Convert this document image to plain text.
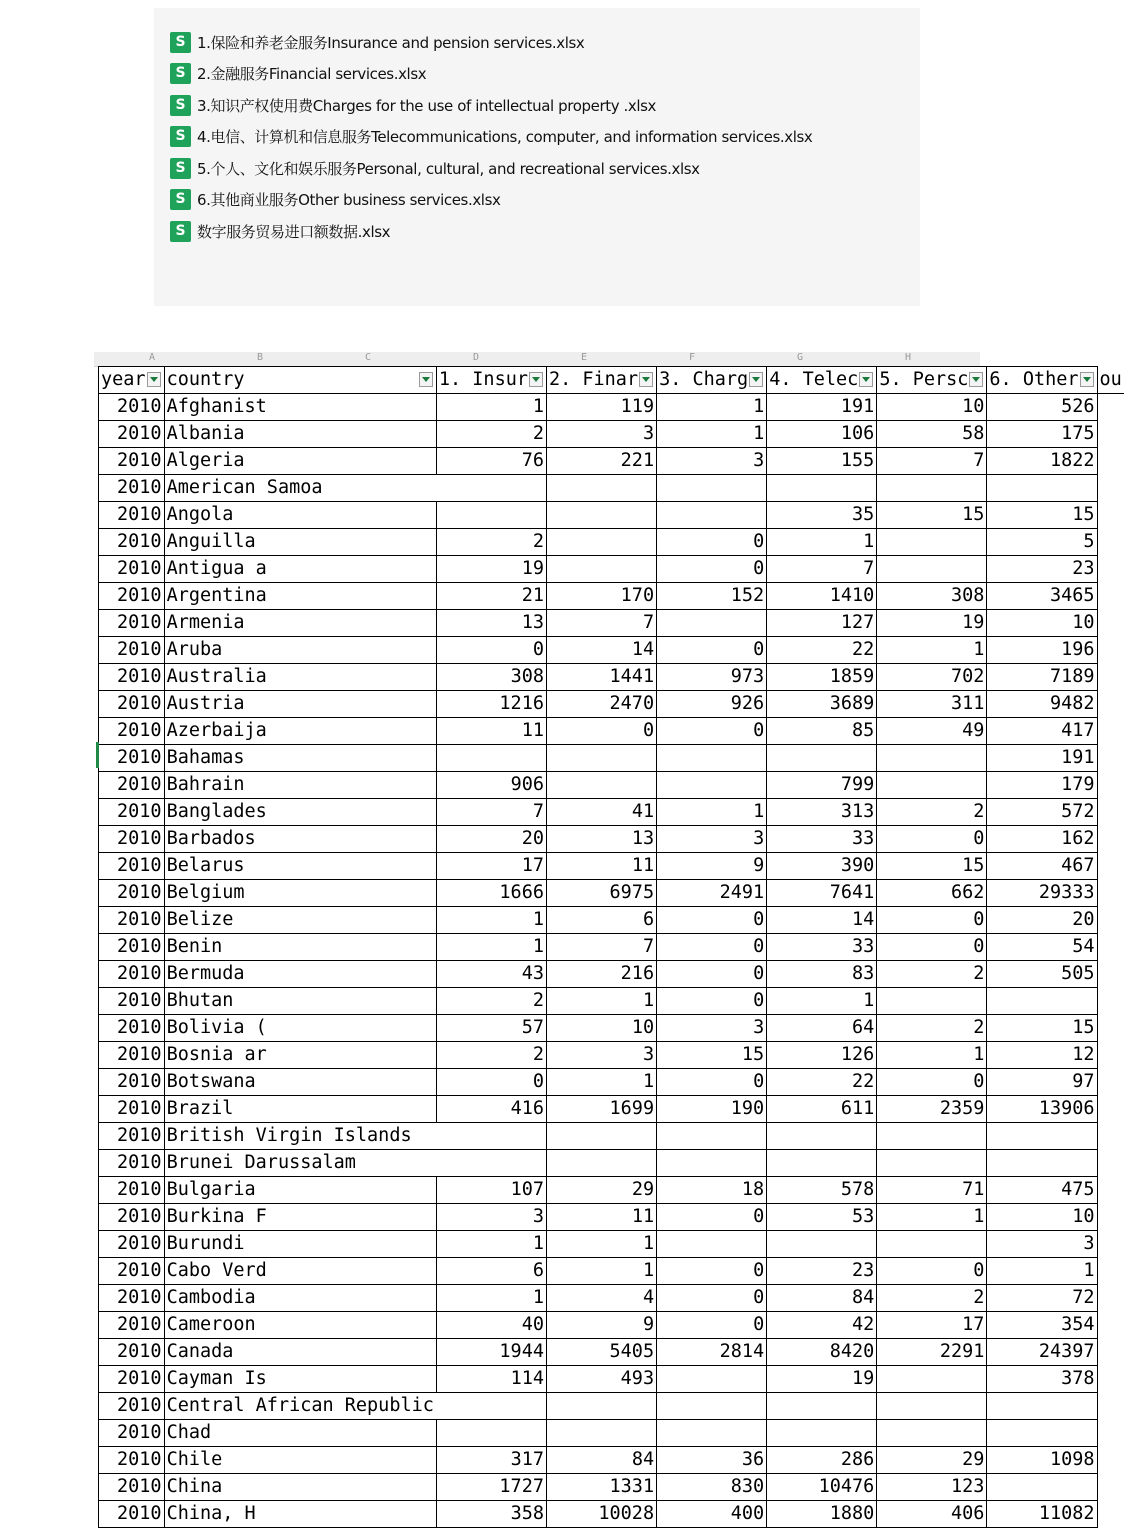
S 1.保险和养老金服务Insurance and pension services.xlsx
S 2.金融服务Financial services.xlsx
S 3.知识产权使用费Charges for the use of intellectual property .xlsx
S 4.电信、计算机和信息服务Telecommunications, computer, and information services.xlsx
S 5.个人、文化和娱乐服务Personal, cultural, and recreational services.xlsx
S 6.其他商业服务Other business services.xlsx
S 数字服务贸易进口额数据.xlsx
A	B	C	D	E	F	G	H
year	country	1. Insur	2. Finar	3. Charg	4. Telec	5. Persc	6. Other	ou
2010	Afghanist	1	119	1	191	10	526	
2010	Albania	2	3	1	106	58	175	
2010	Algeria	76	221	3	155	7	1822	
2010	American Samoa							
2010	Angola				35	15	15	
2010	Anguilla	2		0	1		5	
2010	Antigua a	19		0	7		23	
2010	Argentina	21	170	152	1410	308	3465	
2010	Armenia	13	7		127	19	10	
2010	Aruba	0	14	0	22	1	196	
2010	Australia	308	1441	973	1859	702	7189	
2010	Austria	1216	2470	926	3689	311	9482	
2010	Azerbaija	11	0	0	85	49	417	
2010	Bahamas						191	
2010	Bahrain	906			799		179	
2010	Banglades	7	41	1	313	2	572	
2010	Barbados	20	13	3	33	0	162	
2010	Belarus	17	11	9	390	15	467	
2010	Belgium	1666	6975	2491	7641	662	29333	
2010	Belize	1	6	0	14	0	20	
2010	Benin	1	7	0	33	0	54	
2010	Bermuda	43	216	0	83	2	505	
2010	Bhutan	2	1	0	1			
2010	Bolivia (	57	10	3	64	2	15	
2010	Bosnia ar	2	3	15	126	1	12	
2010	Botswana	0	1	0	22	0	97	
2010	Brazil	416	1699	190	611	2359	13906	
2010	British Virgin Islands							
2010	Brunei Darussalam							
2010	Bulgaria	107	29	18	578	71	475	
2010	Burkina F	3	11	0	53	1	10	
2010	Burundi	1	1				3	
2010	Cabo Verd	6	1	0	23	0	1	
2010	Cambodia	1	4	0	84	2	72	
2010	Cameroon	40	9	0	42	17	354	
2010	Canada	1944	5405	2814	8420	2291	24397	
2010	Cayman Is	114	493		19		378	
2010	Central African Republic							
2010	Chad							
2010	Chile	317	84	36	286	29	1098	
2010	China	1727	1331	830	10476	123		
2010	China, H	358	10028	400	1880	406	11082	
